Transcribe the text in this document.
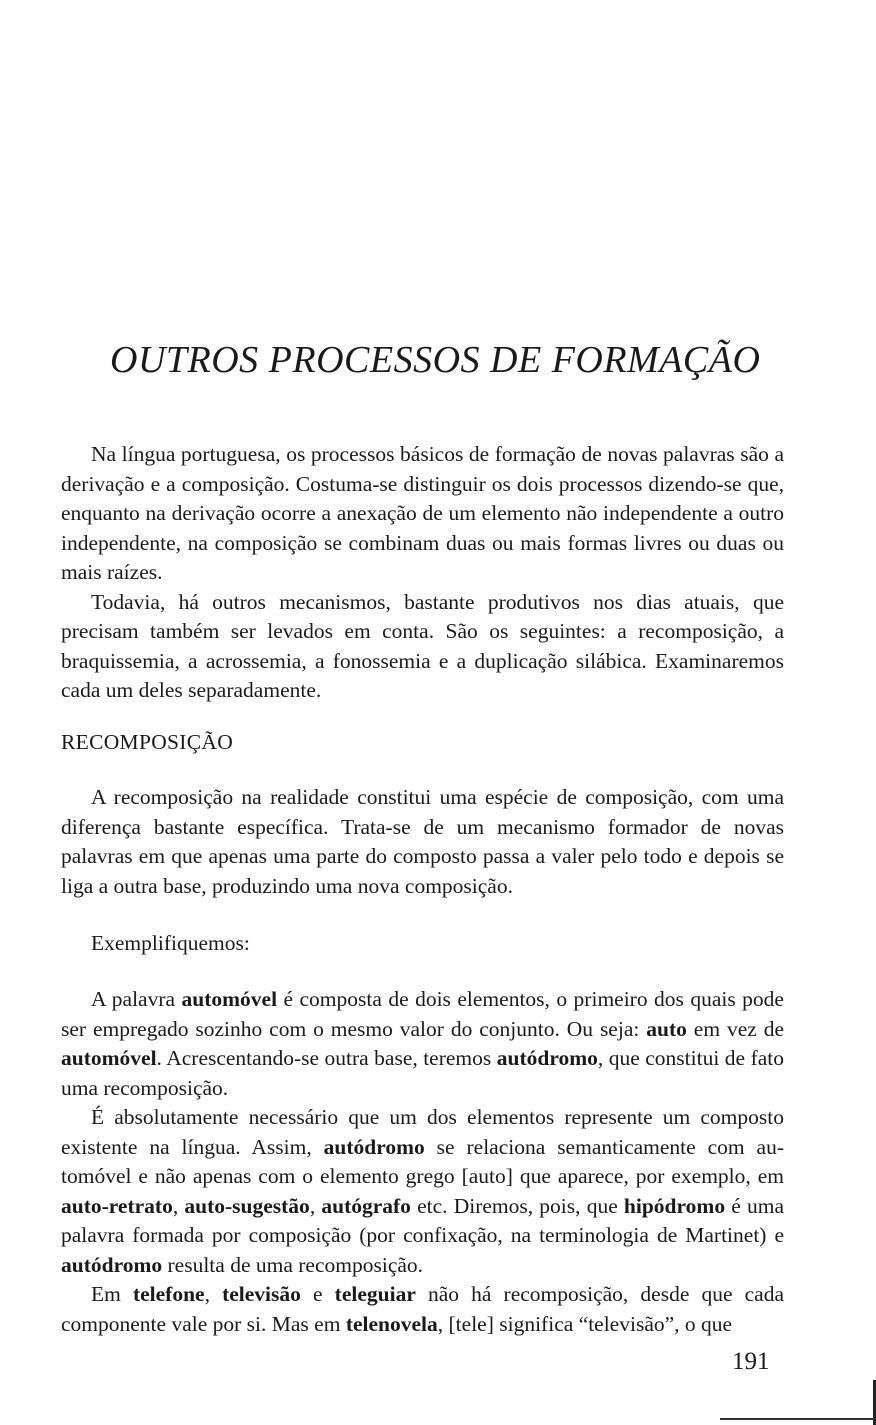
OUTROS PROCESSOS DE FORMAÇÃO

Na língua portuguesa, os processos básicos de formação de novas palavras são a derivação e a composição. Costuma-se distinguir os dois processos dizendo-se que, enquanto na derivação ocorre a anexação de um elemento não independente a outro independente, na composição se combinam duas ou mais formas livres ou duas ou mais raízes.

Todavia, há outros mecanismos, bastante produtivos nos dias atuais, que precisam também ser levados em conta. São os seguintes: a recomposição, a braquissemia, a acrossemia, a fonossemia e a duplicação silábica. Examinaremos cada um deles separadamente.

RECOMPOSIÇÃO

A recomposição na realidade constitui uma espécie de composição, com uma diferença bastante específica. Trata-se de um mecanismo formador de novas palavras em que apenas uma parte do composto passa a valer pelo todo e depois se liga a outra base, produzindo uma nova composição.

Exemplifiquemos:

A palavra automóvel é composta de dois elementos, o primeiro dos quais pode ser empregado sozinho com o mesmo valor do conjunto. Ou seja: auto em vez de automóvel. Acrescentando-se outra base, teremos autódromo, que constitui de fato uma recomposição.

É absolutamente necessário que um dos elementos represente um composto existente na língua. Assim, autódromo se relaciona semanticamente com automóvel e não apenas com o elemento grego [auto] que aparece, por exemplo, em auto-retrato, auto-sugestão, autógrafo etc. Diremos, pois, que hipódromo é uma palavra formada por composição (por confixação, na terminologia de Martinet) e autódromo resulta de uma recomposição.

Em telefone, televisão e teleguiar não há recomposição, desde que cada componente vale por si. Mas em telenovela, [tele] significa “televisão”, o que

191
